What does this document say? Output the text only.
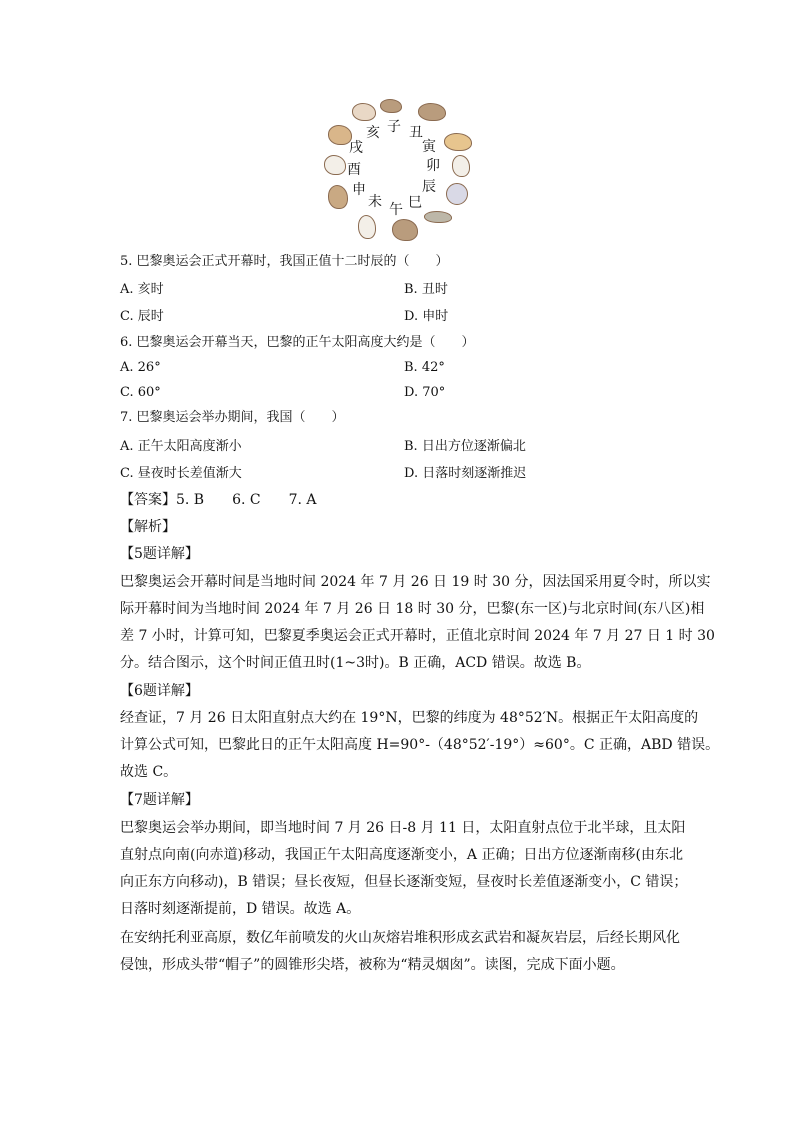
子 丑
寅
卯
辰
巳
午
未
申
酉
戌
亥
5. 巴黎奥运会正式开幕时，我国正值十二时辰的（　　）
A. 亥时	B. 丑时
C. 辰时	D. 申时
6. 巴黎奥运会开幕当天，巴黎的正午太阳高度大约是（　　）
A. 26°	B. 42°
C. 60°	D. 70°
7. 巴黎奥运会举办期间，我国（　　）
A. 正午太阳高度渐小	B. 日出方位逐渐偏北
C. 昼夜时长差值渐大	D. 日落时刻逐渐推迟
【答案】5. B　　6. C　　7. A
【解析】
【5题详解】
巴黎奥运会开幕时间是当地时间 2024 年 7 月 26 日 19 时 30 分，因法国采用夏令时，所以实
际开幕时间为当地时间 2024 年 7 月 26 日 18 时 30 分，巴黎(东一区)与北京时间(东八区)相
差 7 小时，计算可知，巴黎夏季奥运会正式开幕时，正值北京时间 2024 年 7 月 27 日 1 时 30
分。结合图示，这个时间正值丑时(1~3时)。B 正确，ACD 错误。故选 B。
【6题详解】
经查证，7 月 26 日太阳直射点大约在 19°N，巴黎的纬度为 48°52′N。根据正午太阳高度的
计算公式可知，巴黎此日的正午太阳高度 H=90°-（48°52′-19°）≈60°。C 正确，ABD 错误。
故选 C。
【7题详解】
巴黎奥运会举办期间，即当地时间 7 月 26 日-8 月 11 日，太阳直射点位于北半球，且太阳
直射点向南(向赤道)移动，我国正午太阳高度逐渐变小，A 正确；日出方位逐渐南移(由东北
向正东方向移动)，B 错误；昼长夜短，但昼长逐渐变短，昼夜时长差值逐渐变小，C 错误；
日落时刻逐渐提前，D 错误。故选 A。
在安纳托利亚高原，数亿年前喷发的火山灰熔岩堆积形成玄武岩和凝灰岩层，后经长期风化
侵蚀，形成头带“帽子”的圆锥形尖塔，被称为“精灵烟囱”。读图，完成下面小题。
